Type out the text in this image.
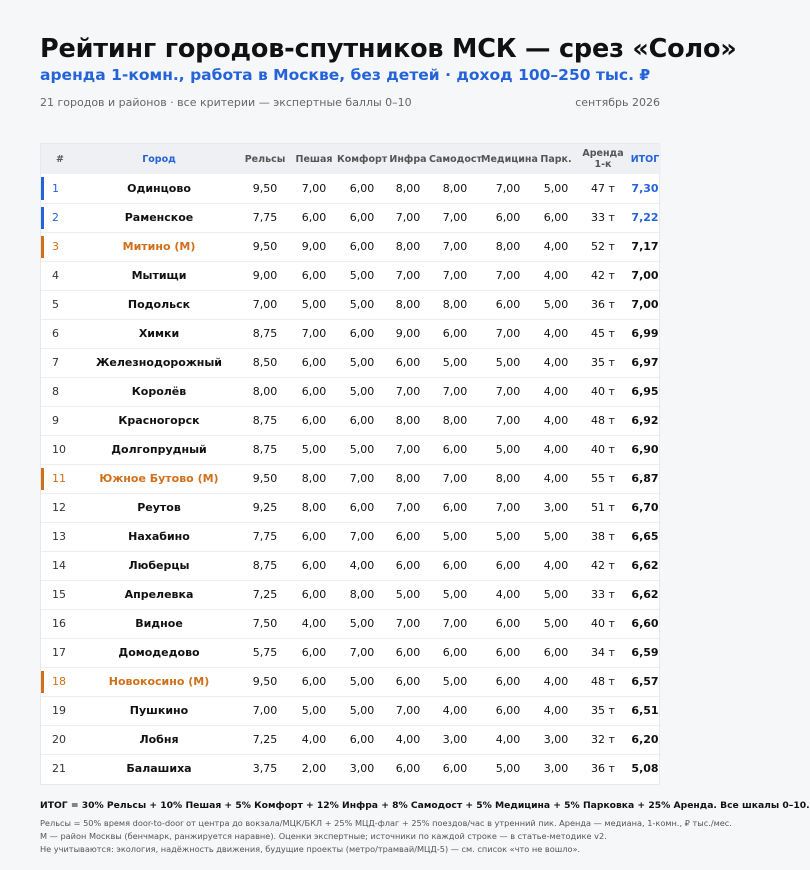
Рейтинг городов-спутников МСК — срез «Соло»
аренда 1-комн., работа в Москве, без детей · доход 100–250 тыс. ₽
21 городов и районов · все критерии — экспертные баллы 0–10	сентябрь 2026
#	Город	Рельсы	Пешая	Комфорт	Инфра	Самодост	Медицина	Парк.	Аренда 1-к	ИТОГ
1	Одинцово	9,50	7,00	6,00	8,00	8,00	7,00	5,00	47 т	7,30
2	Раменское	7,75	6,00	6,00	7,00	7,00	6,00	6,00	33 т	7,22
3	Митино (М)	9,50	9,00	6,00	8,00	7,00	8,00	4,00	52 т	7,17
4	Мытищи	9,00	6,00	5,00	7,00	7,00	7,00	4,00	42 т	7,00
5	Подольск	7,00	5,00	5,00	8,00	8,00	6,00	5,00	36 т	7,00
6	Химки	8,75	7,00	6,00	9,00	6,00	7,00	4,00	45 т	6,99
7	Железнодорожный	8,50	6,00	5,00	6,00	5,00	5,00	4,00	35 т	6,97
8	Королёв	8,00	6,00	5,00	7,00	7,00	7,00	4,00	40 т	6,95
9	Красногорск	8,75	6,00	6,00	8,00	8,00	7,00	4,00	48 т	6,92
10	Долгопрудный	8,75	5,00	5,00	7,00	6,00	5,00	4,00	40 т	6,90
11	Южное Бутово (М)	9,50	8,00	7,00	8,00	7,00	8,00	4,00	55 т	6,87
12	Реутов	9,25	8,00	6,00	7,00	6,00	7,00	3,00	51 т	6,70
13	Нахабино	7,75	6,00	7,00	6,00	5,00	5,00	5,00	38 т	6,65
14	Люберцы	8,75	6,00	4,00	6,00	6,00	6,00	4,00	42 т	6,62
15	Апрелевка	7,25	6,00	8,00	5,00	5,00	4,00	5,00	33 т	6,62
16	Видное	7,50	4,00	5,00	7,00	7,00	6,00	5,00	40 т	6,60
17	Домодедово	5,75	6,00	7,00	6,00	6,00	6,00	6,00	34 т	6,59
18	Новокосино (М)	9,50	6,00	5,00	6,00	5,00	6,00	4,00	48 т	6,57
19	Пушкино	7,00	5,00	5,00	7,00	4,00	6,00	4,00	35 т	6,51
20	Лобня	7,25	4,00	6,00	4,00	3,00	4,00	3,00	32 т	6,20
21	Балашиха	3,75	2,00	3,00	6,00	6,00	5,00	3,00	36 т	5,08
ИТОГ = 30% Рельсы + 10% Пешая + 5% Комфорт + 12% Инфра + 8% Самодост + 5% Медицина + 5% Парковка + 25% Аренда. Все шкалы 0–10.
Рельсы = 50% время door-to-door от центра до вокзала/МЦК/БКЛ + 25% МЦД-флаг + 25% поездов/час в утренний пик. Аренда — медиана, 1-комн., ₽ тыс./мес.
М — район Москвы (бенчмарк, ранжируется наравне). Оценки экспертные; источники по каждой строке — в статье-методике v2.
Не учитываются: экология, надёжность движения, будущие проекты (метро/трамвай/МЦД-5) — см. список «что не вошло».
